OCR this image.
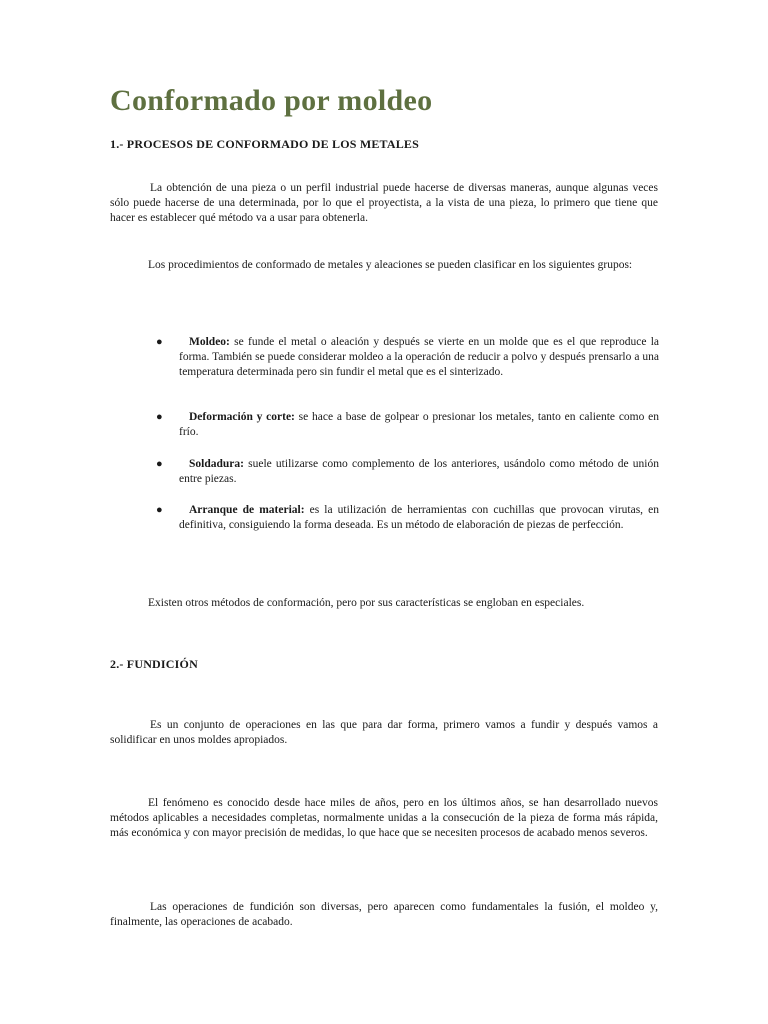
Conformado por moldeo
1.- PROCESOS DE CONFORMADO DE LOS METALES

La obtención de una pieza o un perfil industrial puede hacerse de diversas maneras, aunque algunas veces sólo puede hacerse de una determinada, por lo que el proyectista, a la vista de una pieza, lo primero que tiene que hacer es establecer qué método va a usar para obtenerla.

Los procedimientos de conformado de metales y aleaciones se pueden clasificar en los siguientes grupos:

●	Moldeo: se funde el metal o aleación y después se vierte en un molde que es el que reproduce la forma. También se puede considerar moldeo a la operación de reducir a polvo y después prensarlo a una temperatura determinada pero sin fundir el metal que es el sinterizado.

●	Deformación y corte: se hace a base de golpear o presionar los metales, tanto en caliente como en frío.

●	Soldadura: suele utilizarse como complemento de los anteriores, usándolo como método de unión entre piezas.

●	Arranque de material: es la utilización de herramientas con cuchillas que provocan virutas, en definitiva, consiguiendo la forma deseada. Es un método de elaboración de piezas de perfección.

Existen otros métodos de conformación, pero por sus características se engloban en especiales.

2.- FUNDICIÓN

Es un conjunto de operaciones en las que para dar forma, primero vamos a fundir y después vamos a solidificar en unos moldes apropiados.

El fenómeno es conocido desde hace miles de años, pero en los últimos años, se han desarrollado nuevos métodos aplicables a necesidades completas, normalmente unidas a la consecución de la pieza de forma más rápida, más económica y con mayor precisión de medidas, lo que hace que se necesiten procesos de acabado menos severos.

Las operaciones de fundición son diversas, pero aparecen como fundamentales la fusión, el moldeo y, finalmente, las operaciones de acabado.
